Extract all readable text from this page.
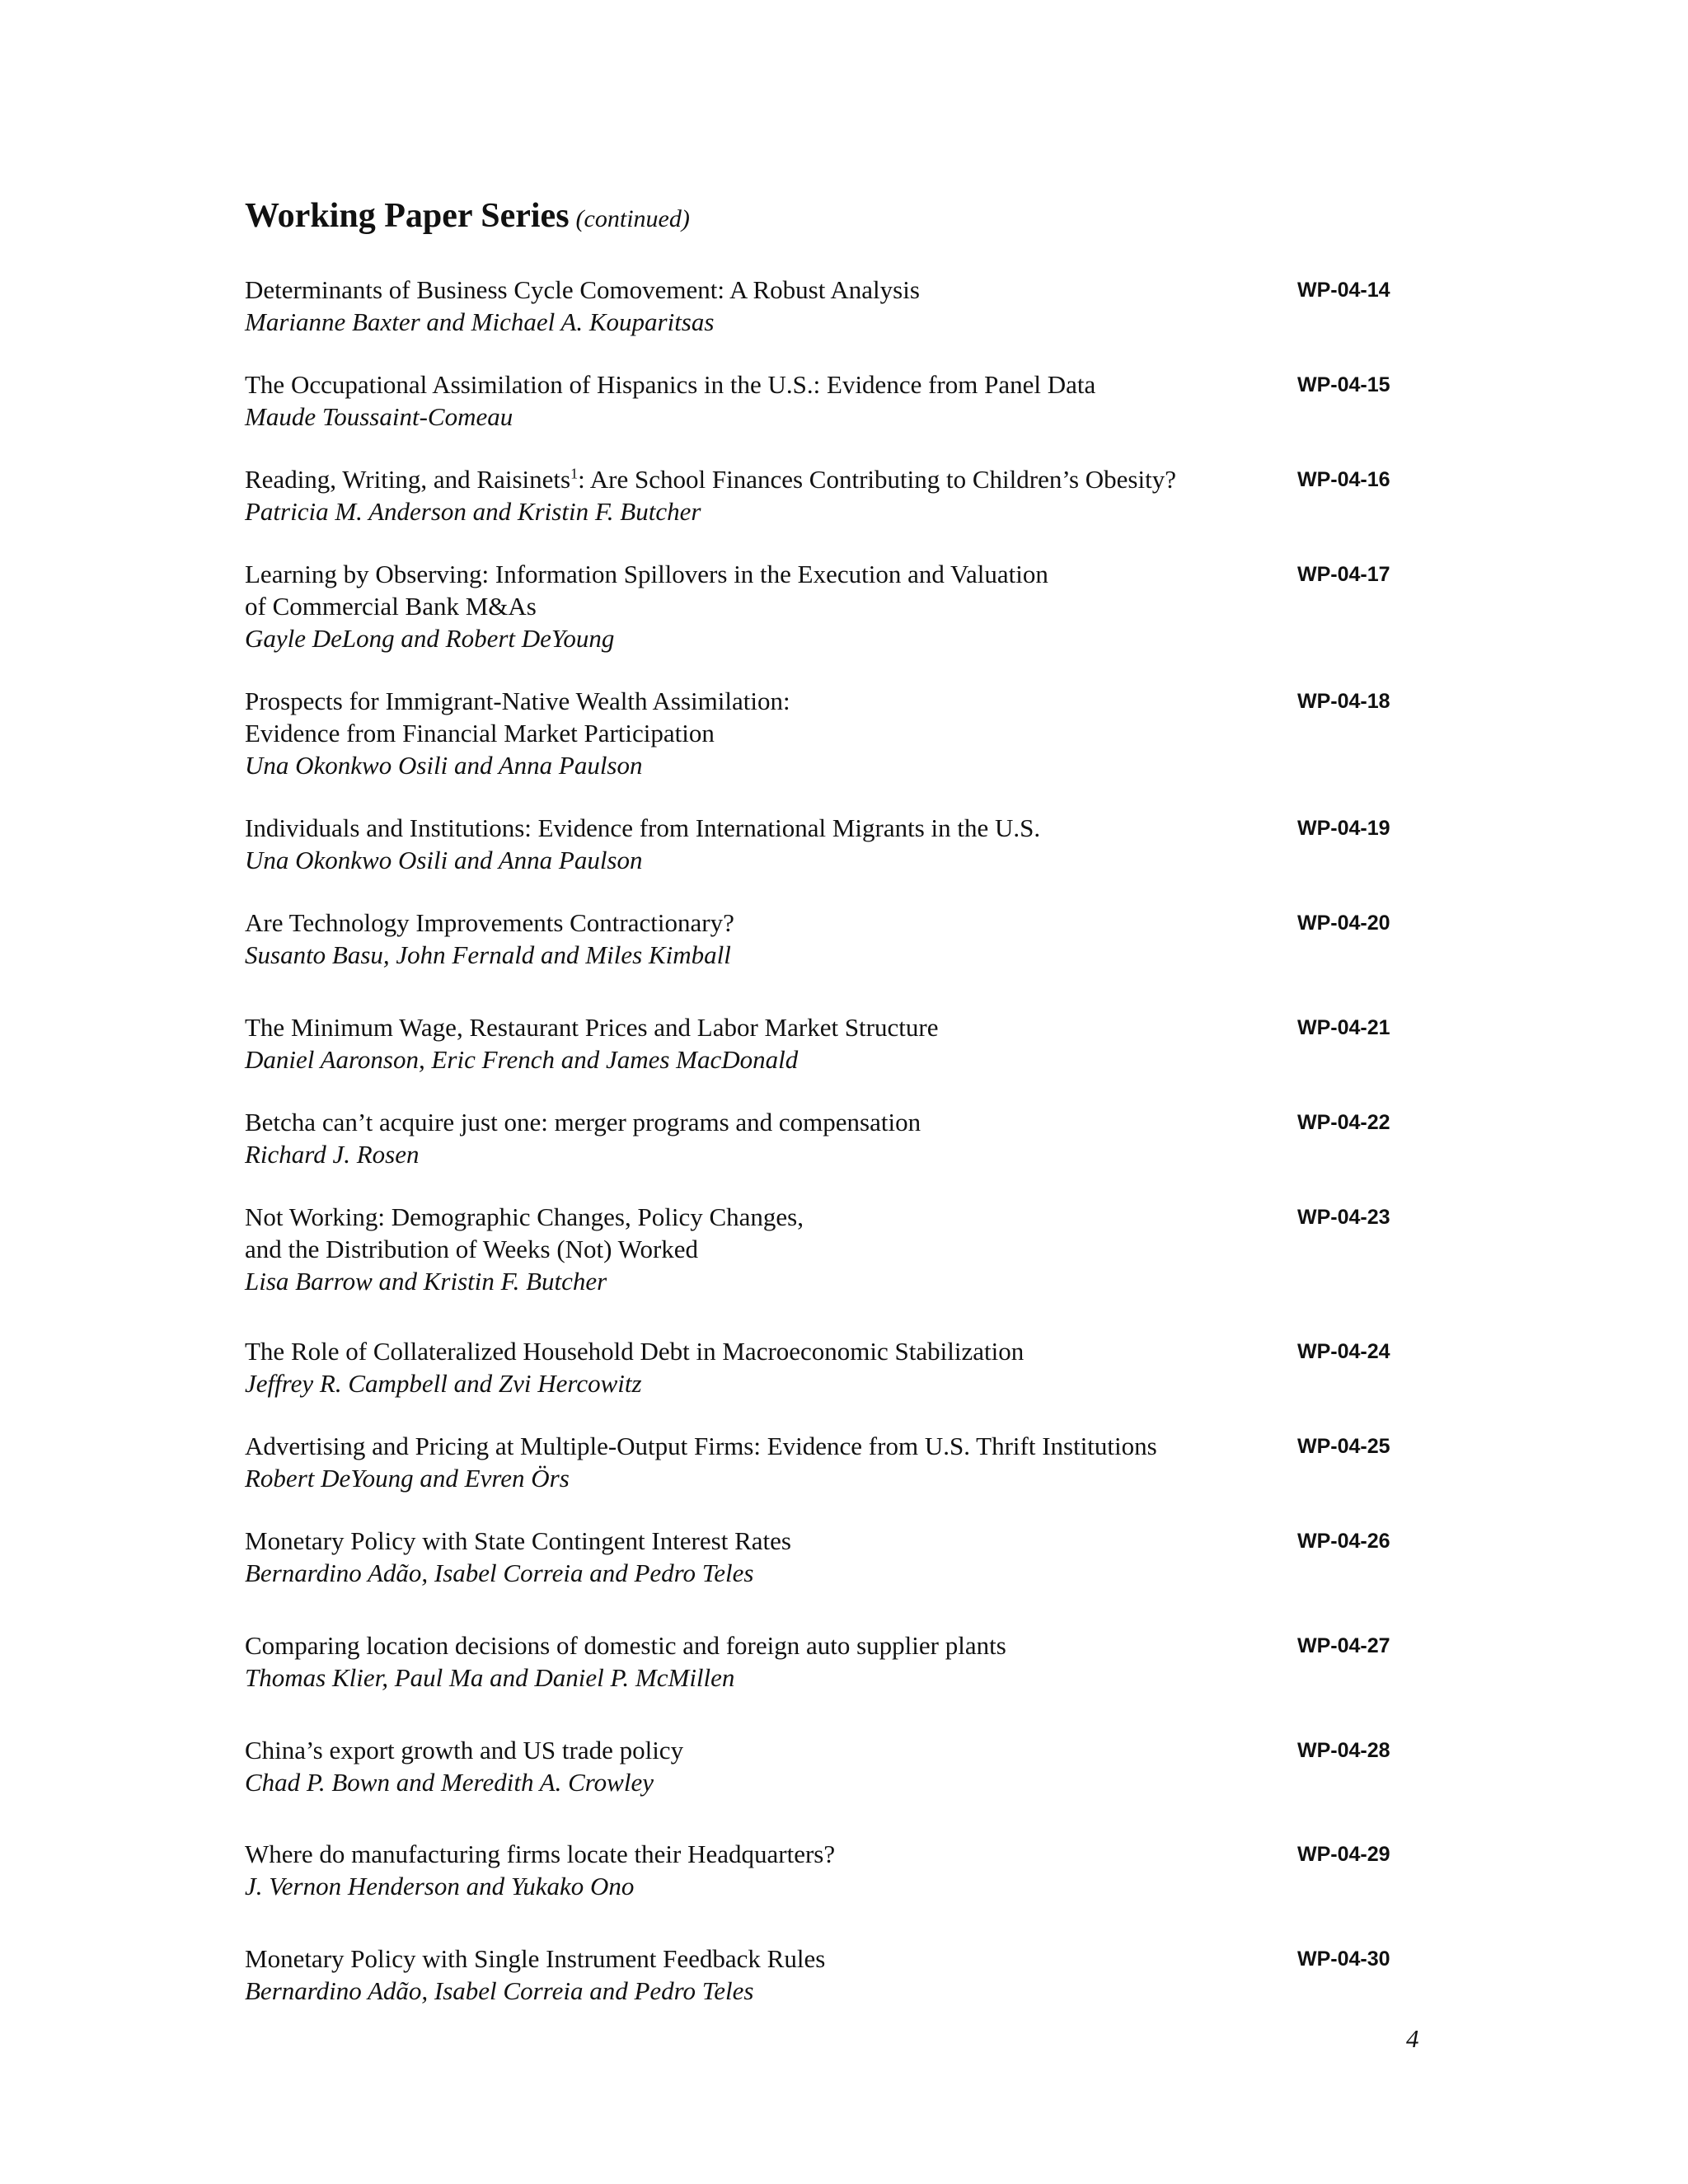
Working Paper Series (continued)
Determinants of Business Cycle Comovement: A Robust Analysis
Marianne Baxter and Michael A. Kouparitsas
WP-04-14
The Occupational Assimilation of Hispanics in the U.S.: Evidence from Panel Data
Maude Toussaint-Comeau
WP-04-15
Reading, Writing, and Raisinets$^1$: Are School Finances Contributing to Children’s Obesity?
Patricia M. Anderson and Kristin F. Butcher
WP-04-16
Learning by Observing: Information Spillovers in the Execution and Valuation
of Commercial Bank M&As
Gayle DeLong and Robert DeYoung
WP-04-17
Prospects for Immigrant-Native Wealth Assimilation:
Evidence from Financial Market Participation
Una Okonkwo Osili and Anna Paulson
WP-04-18
Individuals and Institutions: Evidence from International Migrants in the U.S.
Una Okonkwo Osili and Anna Paulson
WP-04-19
Are Technology Improvements Contractionary?
Susanto Basu, John Fernald and Miles Kimball
WP-04-20
The Minimum Wage, Restaurant Prices and Labor Market Structure
Daniel Aaronson, Eric French and James MacDonald
WP-04-21
Betcha can’t acquire just one: merger programs and compensation
Richard J. Rosen
WP-04-22
Not Working: Demographic Changes, Policy Changes,
and the Distribution of Weeks (Not) Worked
Lisa Barrow and Kristin F. Butcher
WP-04-23
The Role of Collateralized Household Debt in Macroeconomic Stabilization
Jeffrey R. Campbell and Zvi Hercowitz
WP-04-24
Advertising and Pricing at Multiple-Output Firms: Evidence from U.S. Thrift Institutions
Robert DeYoung and Evren Örs
WP-04-25
Monetary Policy with State Contingent Interest Rates
Bernardino Adão, Isabel Correia and Pedro Teles
WP-04-26
Comparing location decisions of domestic and foreign auto supplier plants
Thomas Klier, Paul Ma and Daniel P. McMillen
WP-04-27
China’s export growth and US trade policy
Chad P. Bown and Meredith A. Crowley
WP-04-28
Where do manufacturing firms locate their Headquarters?
J. Vernon Henderson and Yukako Ono
WP-04-29
Monetary Policy with Single Instrument Feedback Rules
Bernardino Adão, Isabel Correia and Pedro Teles
WP-04-30
4
